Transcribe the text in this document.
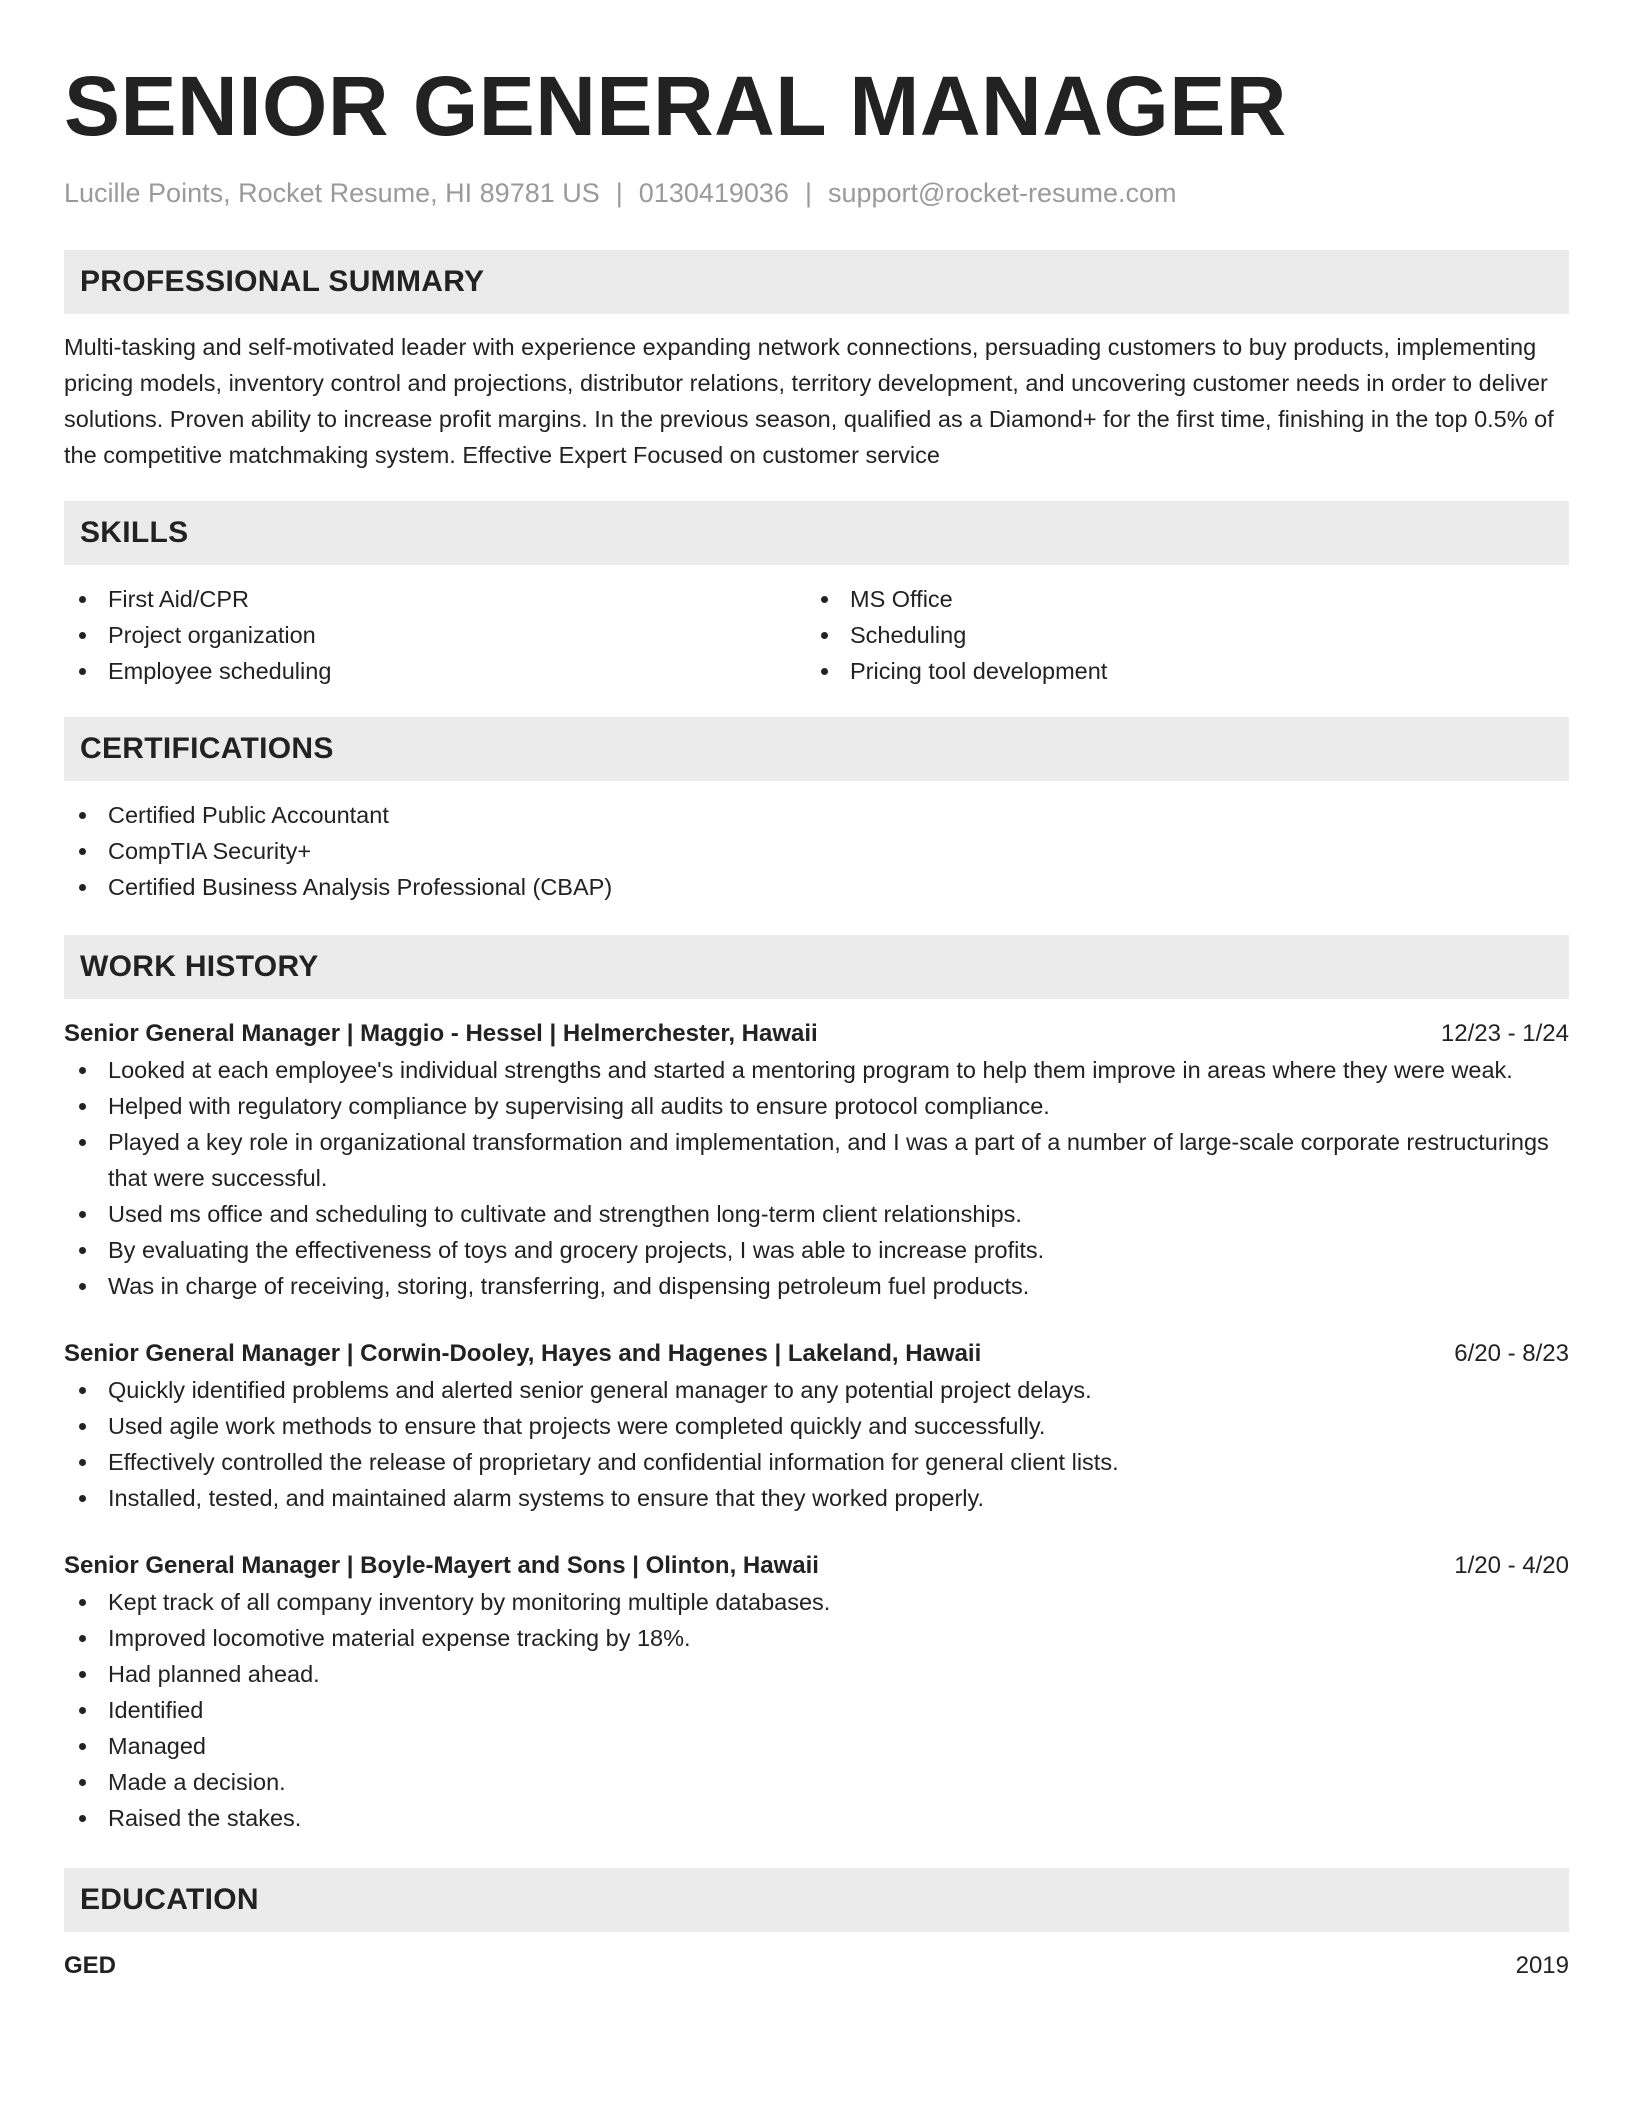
SENIOR GENERAL MANAGER
Lucille Points, Rocket Resume, HI 89781 US | 0130419036 | support@rocket-resume.com
PROFESSIONAL SUMMARY
Multi-tasking and self-motivated leader with experience expanding network connections, persuading customers to buy products, implementing pricing models, inventory control and projections, distributor relations, territory development, and uncovering customer needs in order to deliver solutions. Proven ability to increase profit margins. In the previous season, qualified as a Diamond+ for the first time, finishing in the top 0.5% of the competitive matchmaking system. Effective Expert Focused on customer service
SKILLS
First Aid/CPR
Project organization
Employee scheduling
MS Office
Scheduling
Pricing tool development
CERTIFICATIONS
Certified Public Accountant
CompTIA Security+
Certified Business Analysis Professional (CBAP)
WORK HISTORY
Senior General Manager | Maggio - Hessel | Helmerchester, Hawaii	12/23 - 1/24
Looked at each employee's individual strengths and started a mentoring program to help them improve in areas where they were weak.
Helped with regulatory compliance by supervising all audits to ensure protocol compliance.
Played a key role in organizational transformation and implementation, and I was a part of a number of large-scale corporate restructurings that were successful.
Used ms office and scheduling to cultivate and strengthen long-term client relationships.
By evaluating the effectiveness of toys and grocery projects, I was able to increase profits.
Was in charge of receiving, storing, transferring, and dispensing petroleum fuel products.
Senior General Manager | Corwin-Dooley, Hayes and Hagenes | Lakeland, Hawaii	6/20 - 8/23
Quickly identified problems and alerted senior general manager to any potential project delays.
Used agile work methods to ensure that projects were completed quickly and successfully.
Effectively controlled the release of proprietary and confidential information for general client lists.
Installed, tested, and maintained alarm systems to ensure that they worked properly.
Senior General Manager | Boyle-Mayert and Sons | Olinton, Hawaii	1/20 - 4/20
Kept track of all company inventory by monitoring multiple databases.
Improved locomotive material expense tracking by 18%.
Had planned ahead.
Identified
Managed
Made a decision.
Raised the stakes.
EDUCATION
GED	2019
